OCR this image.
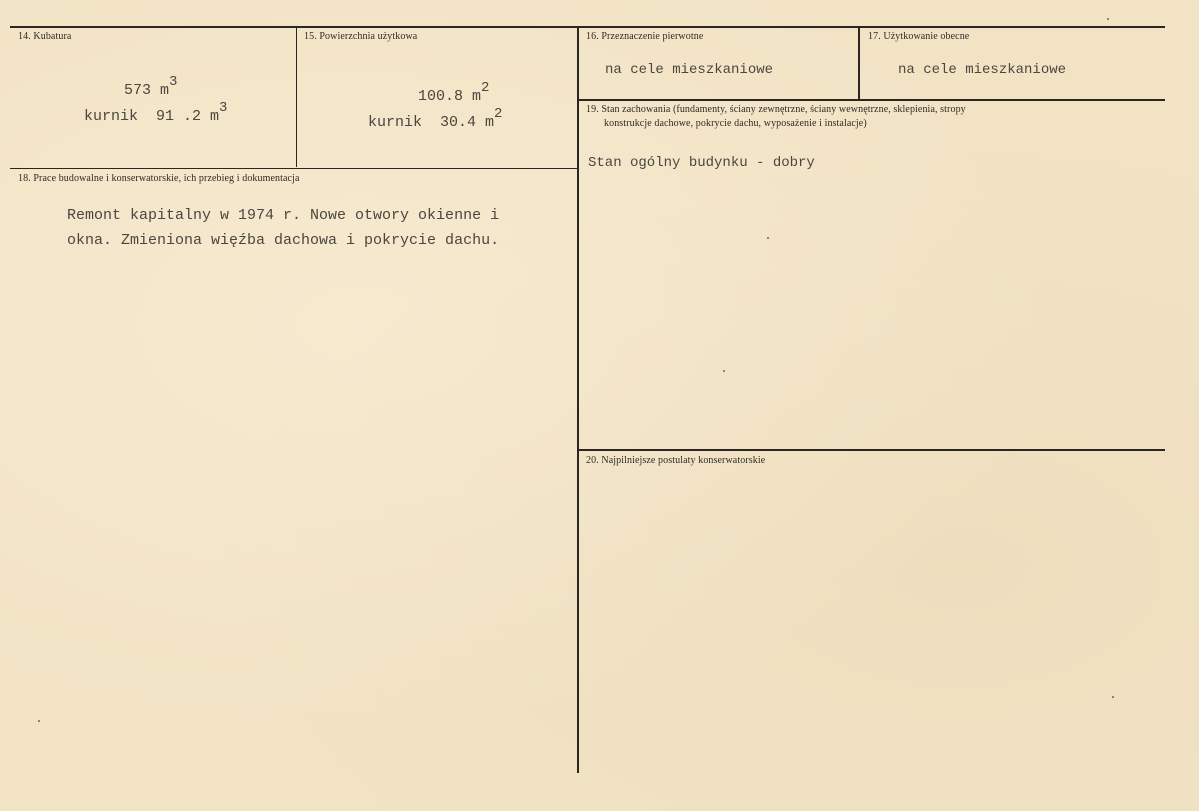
14. Kubatura

573 $m^3$

kurnik  91 .2 $m^3$

15. Powierzchnia użytkowa

100.8 $m^2$

kurnik  30.4 $m^2$

16. Przeznaczenie pierwotne
na cele mieszkaniowe
17. Użytkowanie obecne
na cele mieszkaniowe
19. Stan zachowania (fundamenty, ściany zewnętrzne, ściany wewnętrzne, sklepienia, stropy
konstrukcje dachowe, pokrycie dachu, wyposażenie i instalacje)
Stan ogólny budynku - dobry
18. Prace budowalne i konserwatorskie, ich przebieg i dokumentacja
Remont kapitalny w 1974 r. Nowe otwory okienne i
okna. Zmieniona więźba dachowa i pokrycie dachu.
20. Najpilniejsze postulaty konserwatorskie
